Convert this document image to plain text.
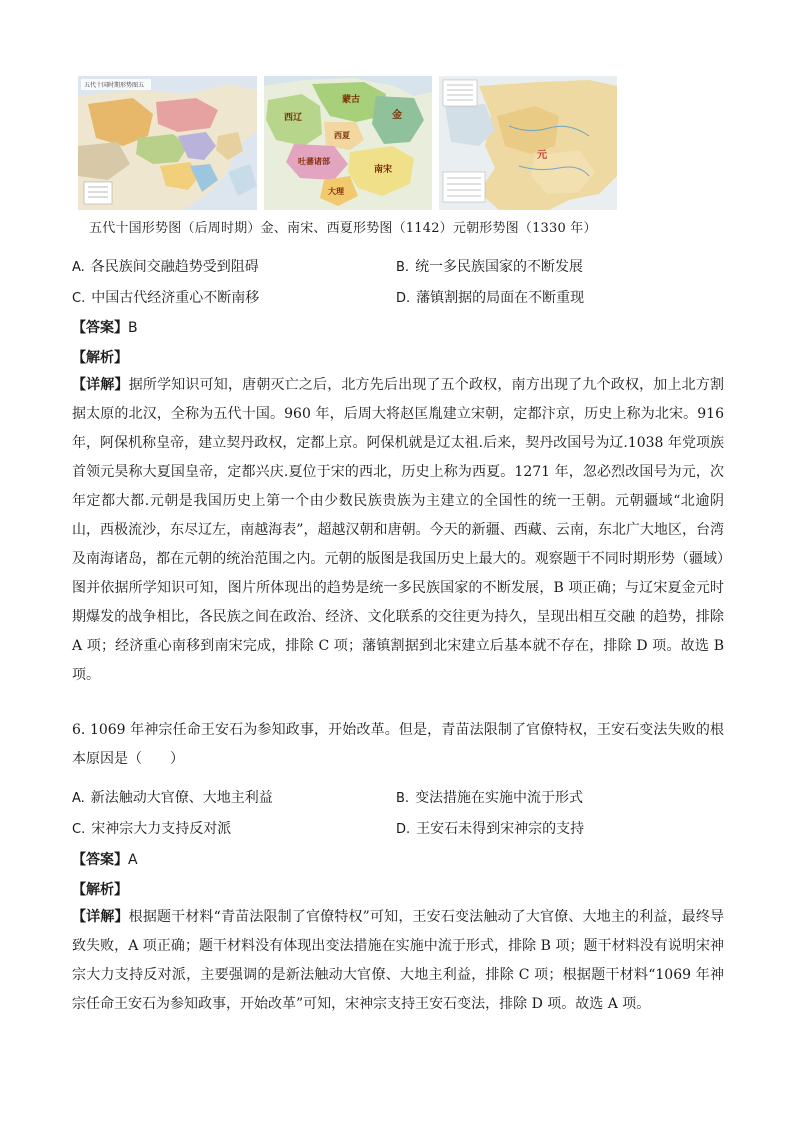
五代十国时期形势图五
西辽
蒙古
金
西夏
吐蕃诸部
南宋
大理
元
五代十国形势图（后周时期）金、南宋、西夏形势图（1142）元朝形势图（1330 年）
A. 各民族间交融趋势受到阻碍	B. 统一多民族国家的不断发展
C. 中国古代经济重心不断南移	D. 藩镇割据的局面在不断重现
【答案】B
【解析】
【详解】据所学知识可知，唐朝灭亡之后，北方先后出现了五个政权，南方出现了九个政权，加上北方割据太原的北汉，全称为五代十国。960 年，后周大将赵匡胤建立宋朝，定都汴京，历史上称为北宋。916 年，阿保机称皇帝，建立契丹政权，定都上京。阿保机就是辽太祖.后来，契丹改国号为辽.1038 年党项族首领元昊称大夏国皇帝，定都兴庆.夏位于宋的西北，历史上称为西夏。1271 年，忽必烈改国号为元，次年定都大都.元朝是我国历史上第一个由少数民族贵族为主建立的全国性的统一王朝。元朝疆域“北逾阴山，西极流沙，东尽辽左，南越海表”，超越汉朝和唐朝。今天的新疆、西藏、云南，东北广大地区，台湾及南海诸岛，都在元朝的统治范围之内。元朝的版图是我国历史上最大的。观察题干不同时期形势（疆域）图并依据所学知识可知，图片所体现出的趋势是统一多民族国家的不断发展，B 项正确；与辽宋夏金元时期爆发的战争相比，各民族之间在政治、经济、文化联系的交往更为持久，呈现出相互交融 的趋势，排除 A 项；经济重心南移到南宋完成，排除 C 项；藩镇割据到北宋建立后基本就不存在，排除 D 项。故选 B 项。
6. 1069 年神宗任命王安石为参知政事，开始改革。但是，青苗法限制了官僚特权，王安石变法失败的根本原因是（　　）
A. 新法触动大官僚、大地主利益	B. 变法措施在实施中流于形式
C. 宋神宗大力支持反对派	D. 王安石未得到宋神宗的支持
【答案】A
【解析】
【详解】根据题干材料“青苗法限制了官僚特权”可知，王安石变法触动了大官僚、大地主的利益，最终导致失败，A 项正确；题干材料没有体现出变法措施在实施中流于形式，排除 B 项；题干材料没有说明宋神宗大力支持反对派，主要强调的是新法触动大官僚、大地主利益，排除 C 项；根据题干材料“1069 年神宗任命王安石为参知政事，开始改革”可知，宋神宗支持王安石变法，排除 D 项。故选 A 项。
